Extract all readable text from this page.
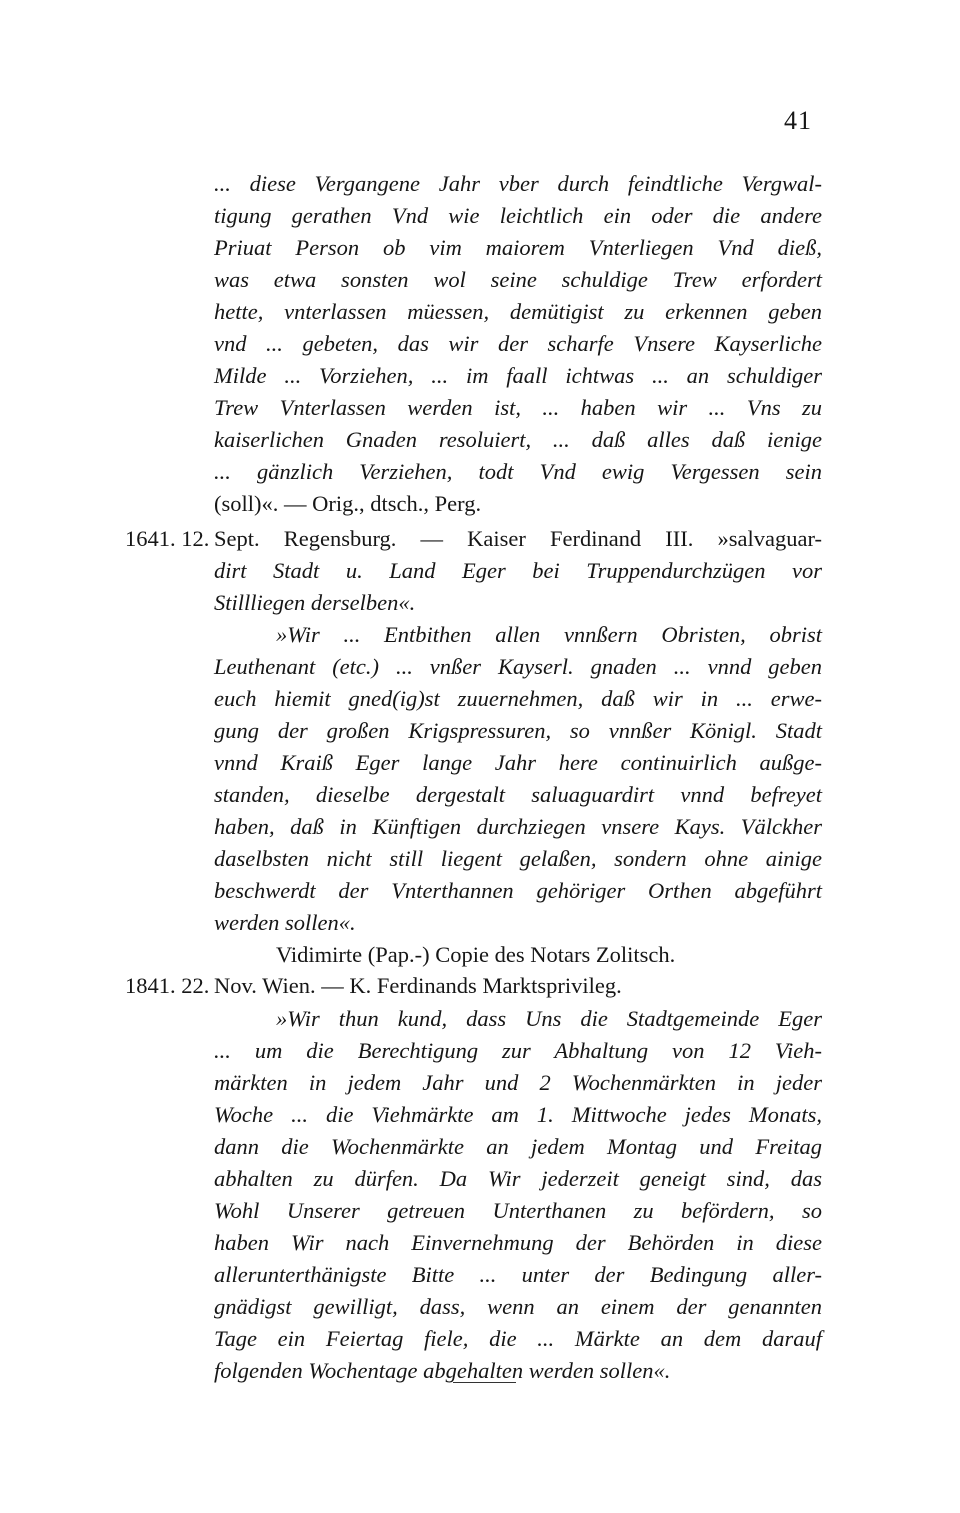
41
... diese Vergangene Jahr vber durch feindtliche Vergwal-
tigung gerathen Vnd wie leichtlich ein oder die andere
Priuat Person ob vim maiorem Vnterliegen Vnd dieß,
was etwa sonsten wol seine schuldige Trew erfordert
hette, vnterlassen müessen, demütigist zu erkennen geben
vnd ... gebeten, das wir der scharfe Vnsere Kayserliche
Milde ... Vorziehen, ... im faall ichtwas ... an schuldiger
Trew Vnterlassen werden ist, ... haben wir ... Vns zu
kaiserlichen Gnaden resoluiert, ... daß alles daß ienige
... gänzlich Verziehen, todt Vnd ewig Vergessen sein
(soll)«. — Orig., dtsch., Perg.
1641. 12. Sept. Regensburg. — Kaiser Ferdinand III. »salvaguar-
dirt Stadt u. Land Eger bei Truppendurchzügen vor
Stillliegen derselben«.
»Wir ... Entbithen allen vnnßern Obristen, obrist
Leuthenant (etc.) ... vnßer Kayserl. gnaden ... vnnd geben
euch hiemit gned(ig)st zuuernehmen, daß wir in ... erwe-
gung der großen Krigspressuren, so vnnßer Königl. Stadt
vnnd Kraiß Eger lange Jahr here continuirlich außge-
standen, dieselbe dergestalt saluaguardirt vnnd befreyet
haben, daß in Künftigen durchziegen vnsere Kays. Välckher
daselbsten nicht still liegent gelaßen, sondern ohne ainige
beschwerdt der Vnterthannen gehöriger Orthen abgeführt
werden sollen«.
Vidimirte (Pap.-) Copie des Notars Zolitsch.
1841. 22. Nov. Wien. — K. Ferdinands Marktsprivileg.
»Wir thun kund, dass Uns die Stadtgemeinde Eger
... um die Berechtigung zur Abhaltung von 12 Vieh-
märkten in jedem Jahr und 2 Wochenmärkten in jeder
Woche ... die Viehmärkte am 1. Mittwoche jedes Monats,
dann die Wochenmärkte an jedem Montag und Freitag
abhalten zu dürfen. Da Wir jederzeit geneigt sind, das
Wohl Unserer getreuen Unterthanen zu befördern, so
haben Wir nach Einvernehmung der Behörden in diese
allerunterthänigste Bitte ... unter der Bedingung aller-
gnädigst gewilligt, dass, wenn an einem der genannten
Tage ein Feiertag fiele, die ... Märkte an dem darauf
folgenden Wochentage abgehalten werden sollen«.
